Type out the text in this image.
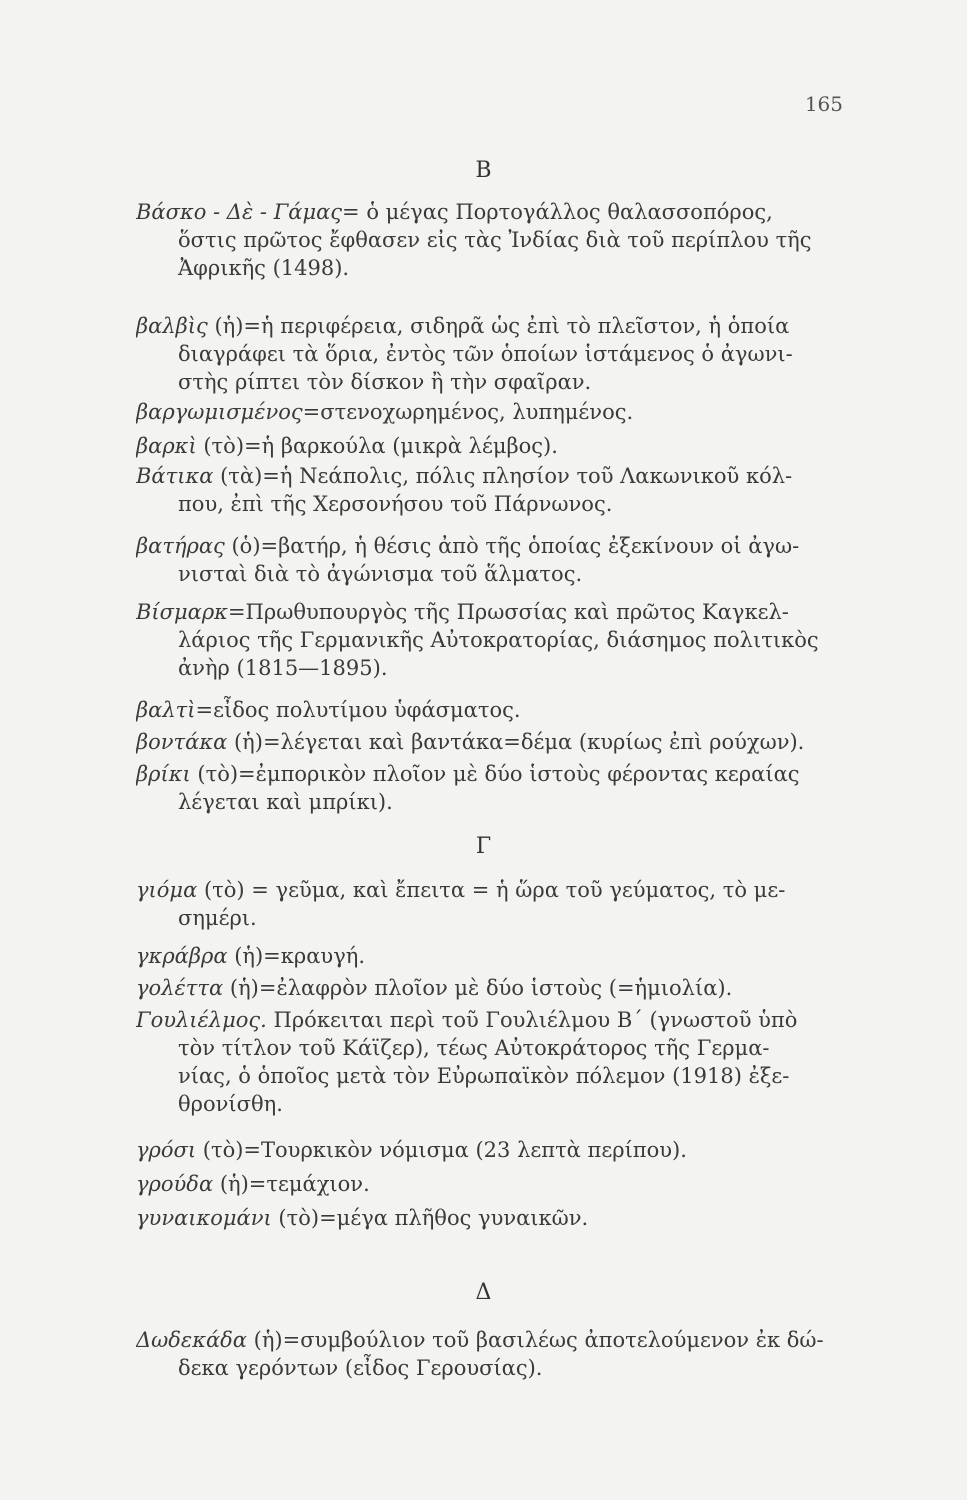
165
Β
Βάσκο - Δὲ - Γάμας= ὁ μέγας Πορτογάλλος θαλασσοπόρος,
ὅστις πρῶτος ἔφθασεν εἰς τὰς Ἰνδίας διὰ τοῦ περίπλου τῆς
Ἀφρικῆς (1498).
βαλβὶς (ἡ)=ἡ περιφέρεια, σιδηρᾶ ὡς ἐπὶ τὸ πλεῖστον, ἡ ὁποία
διαγράφει τὰ ὅρια, ἐντὸς τῶν ὁποίων ἱστάμενος ὁ ἀγωνι-
στὴς ρίπτει τὸν δίσκον ἢ τὴν σφαῖραν.
βαργωμισμένος=στενοχωρημένος, λυπημένος.
βαρκὶ (τὸ)=ἡ βαρκούλα (μικρὰ λέμβος).
Βάτικα (τὰ)=ἡ Νεάπολις, πόλις πλησίον τοῦ Λακωνικοῦ κόλ-
που, ἐπὶ τῆς Χερσονήσου τοῦ Πάρνωνος.
βατήρας (ὁ)=βατήρ, ἡ θέσις ἀπὸ τῆς ὁποίας ἐξεκίνουν οἱ ἀγω-
νισταὶ διὰ τὸ ἀγώνισμα τοῦ ἅλματος.
Βίσμαρκ=Πρωθυπουργὸς τῆς Πρωσσίας καὶ πρῶτος Καγκελ-
λάριος τῆς Γερμανικῆς Αὐτοκρατορίας, διάσημος πολιτικὸς
ἀνὴρ (1815—1895).
βαλτὶ=εἶδος πολυτίμου ὑφάσματος.
βοντάκα (ἡ)=λέγεται καὶ βαντάκα=δέμα (κυρίως ἐπὶ ρούχων).
βρίκι (τὸ)=ἐμπορικὸν πλοῖον μὲ δύο ἱστοὺς φέροντας κεραίας
λέγεται καὶ μπρίκι).
Γ
γιόμα (τὸ) = γεῦμα, καὶ ἔπειτα = ἡ ὥρα τοῦ γεύματος, τὸ με-
σημέρι.
γκράβρα (ἡ)=κραυγή.
γολέττα (ἡ)=ἐλαφρὸν πλοῖον μὲ δύο ἱστοὺς (=ἡμιολία).
Γουλιέλμος. Πρόκειται περὶ τοῦ Γουλιέλμου Β΄ (γνωστοῦ ὑπὸ
τὸν τίτλον τοῦ Κάϊζερ), τέως Αὐτοκράτορος τῆς Γερμα-
νίας, ὁ ὁποῖος μετὰ τὸν Εὐρωπαϊκὸν πόλεμον (1918) ἐξε-
θρονίσθη.
γρόσι (τὸ)=Τουρκικὸν νόμισμα (23 λεπτὰ περίπου).
γρούδα (ἡ)=τεμάχιον.
γυναικομάνι (τὸ)=μέγα πλῆθος γυναικῶν.
Δ
Δωδεκάδα (ἡ)=συμβούλιον τοῦ βασιλέως ἀποτελούμενον ἐκ δώ-
δεκα γερόντων (εἶδος Γερουσίας).
